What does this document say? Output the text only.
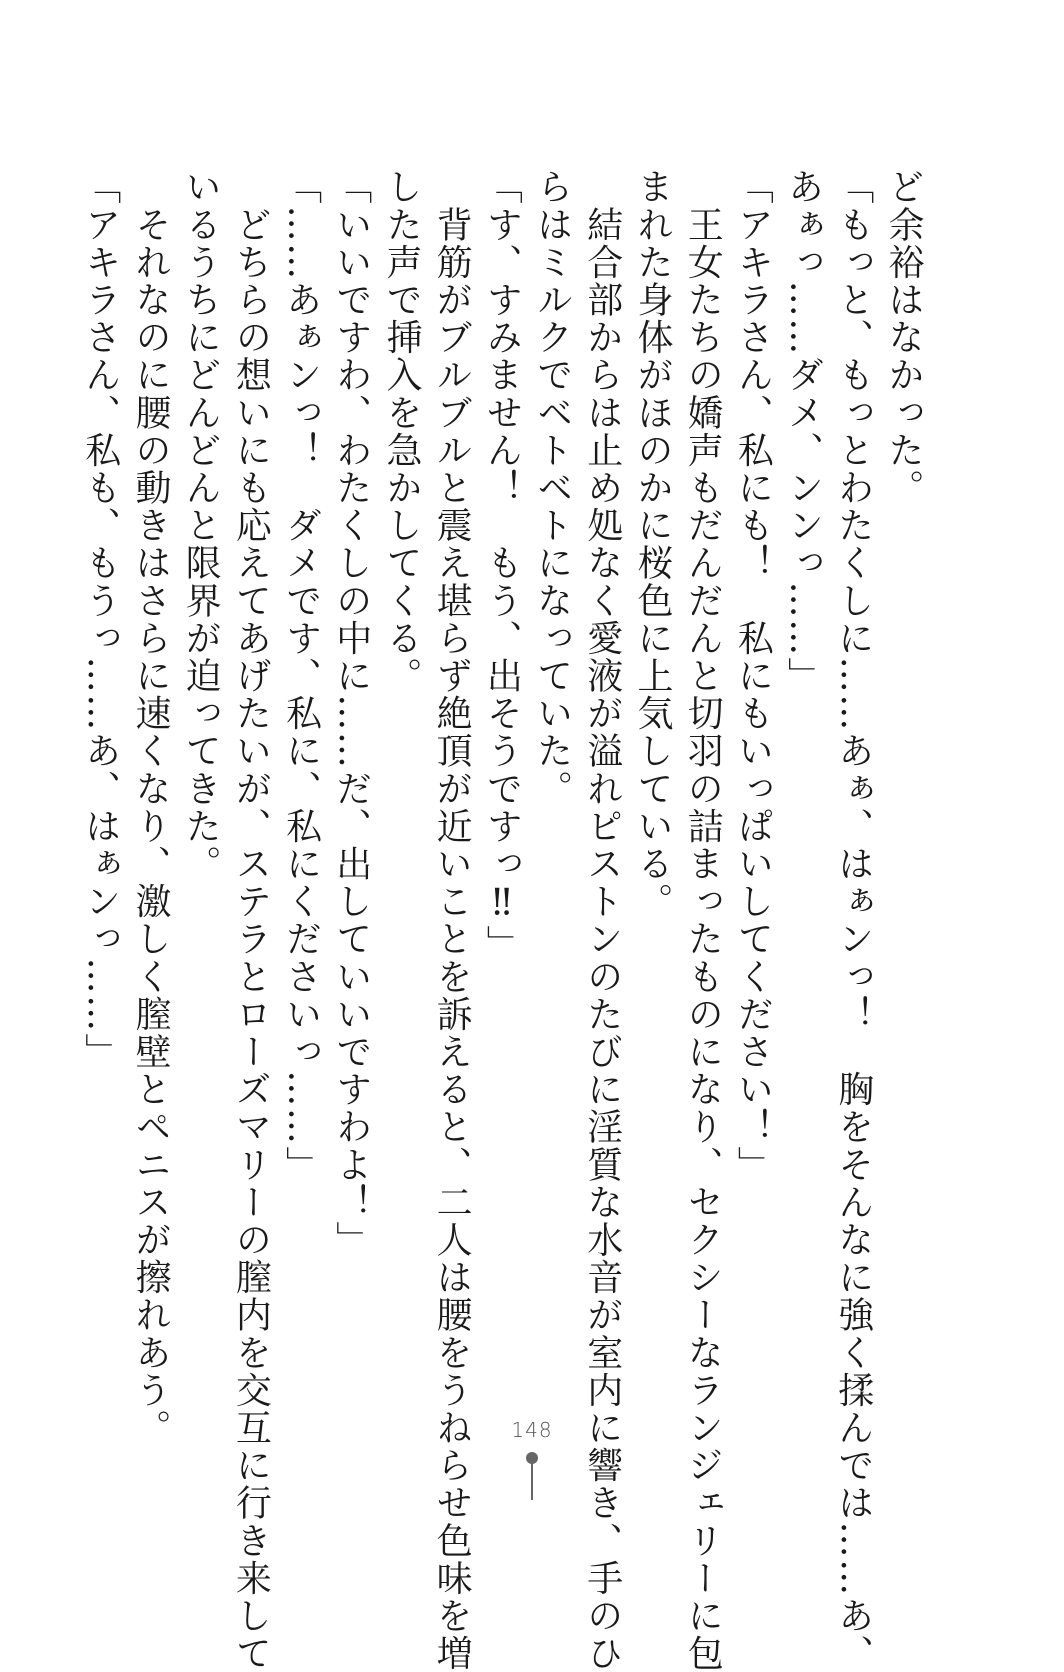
ど余裕はなかった。
「もっと、もっとわたくしに……あぁ、はぁンっ！　胸をそんなに強く揉んでは……あ、
あぁっ……ダメ、ンンっ……」
「アキラさん、私にも！　私にもいっぱいしてください！」
　王女たちの嬌声もだんだんと切羽の詰まったものになり、セクシーなランジェリーに包
まれた身体がほのかに桜色に上気している。
　結合部からは止め処なく愛液が溢れピストンのたびに淫質な水音が室内に響き、手のひ
らはミルクでベトベトになっていた。
「す、すみません！　もう、出そうですっ‼」
　背筋がブルブルと震え堪らず絶頂が近いことを訴えると、二人は腰をうねらせ色味を増
した声で挿入を急かしてくる。
「いいですわ、わたくしの中に……だ、出していいですわよ！」
「……あぁンっ！　ダメです、私に、私にくださいっ……」
　どちらの想いにも応えてあげたいが、ステラとローズマリーの膣内を交互に行き来して
いるうちにどんどんと限界が迫ってきた。
　それなのに腰の動きはさらに速くなり、激しく膣壁とペニスが擦れあう。
「アキラさん、私も、もうっ……あ、はぁンっ……」
148
